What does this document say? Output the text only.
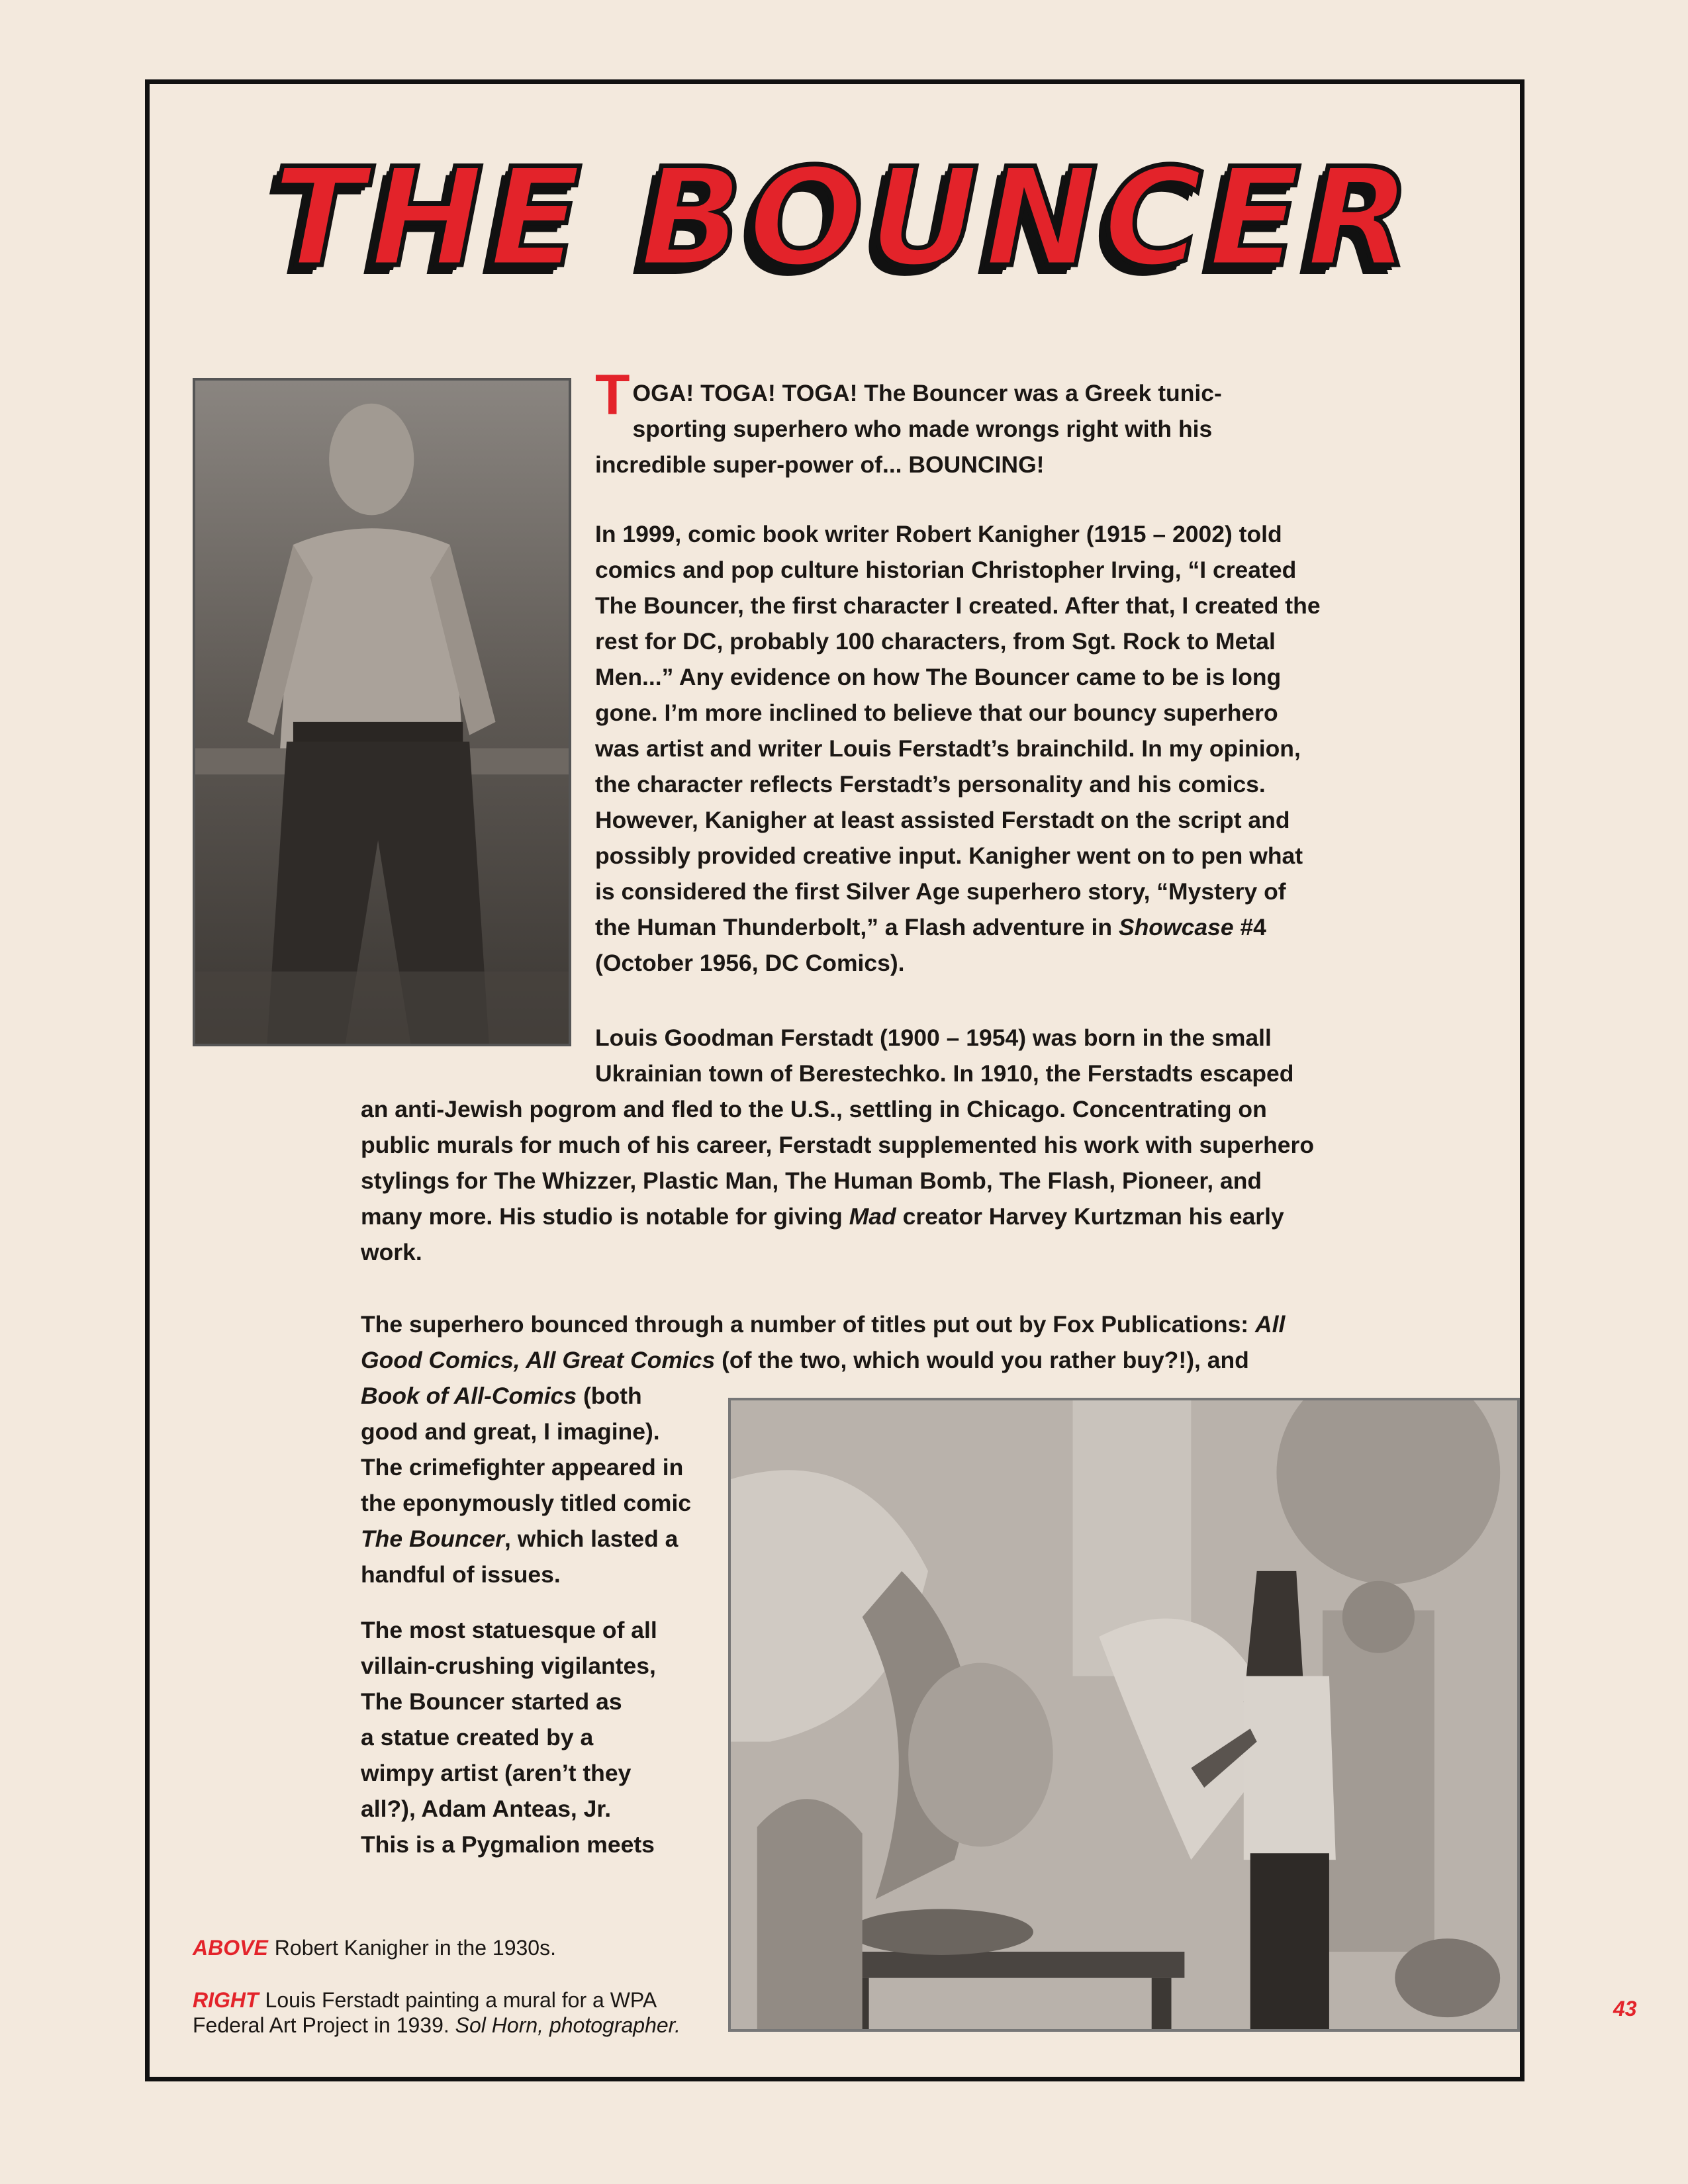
THE BOUNCER
TOGA! TOGA! TOGA! The Bouncer was a Greek tunic-
sporting superhero who made wrongs right with his
incredible super-power of... BOUNCING!
In 1999, comic book writer Robert Kanigher (1915 – 2002) told
comics and pop culture historian Christopher Irving, “I created
The Bouncer, the first character I created. After that, I created the
rest for DC, probably 100 characters, from Sgt. Rock to Metal
Men...” Any evidence on how The Bouncer came to be is long
gone. I’m more inclined to believe that our bouncy superhero
was artist and writer Louis Ferstadt’s brainchild. In my opinion,
the character reflects Ferstadt’s personality and his comics.
However, Kanigher at least assisted Ferstadt on the script and
possibly provided creative input. Kanigher went on to pen what
is considered the first Silver Age superhero story, “Mystery of
the Human Thunderbolt,” a Flash adventure in Showcase #4
(October 1956, DC Comics).
Louis Goodman Ferstadt (1900 – 1954) was born in the small
Ukrainian town of Berestechko. In 1910, the Ferstadts escaped
an anti-Jewish pogrom and fled to the U.S., settling in Chicago. Concentrating on
public murals for much of his career, Ferstadt supplemented his work with superhero
stylings for The Whizzer, Plastic Man, The Human Bomb, The Flash, Pioneer, and
many more. His studio is notable for giving Mad creator Harvey Kurtzman his early
work.
The superhero bounced through a number of titles put out by Fox Publications: All
Good Comics, All Great Comics (of the two, which would you rather buy?!), and
Book of All-Comics (both
good and great, I imagine).
The crimefighter appeared in
the eponymously titled comic
The Bouncer, which lasted a
handful of issues.
The most statuesque of all
villain-crushing vigilantes,
The Bouncer started as
a statue created by a
wimpy artist (aren’t they
all?), Adam Anteas, Jr.
This is a Pygmalion meets
ABOVE Robert Kanigher in the 1930s.
RIGHT Louis Ferstadt painting a mural for a WPA
Federal Art Project in 1939. Sol Horn, photographer.
43
